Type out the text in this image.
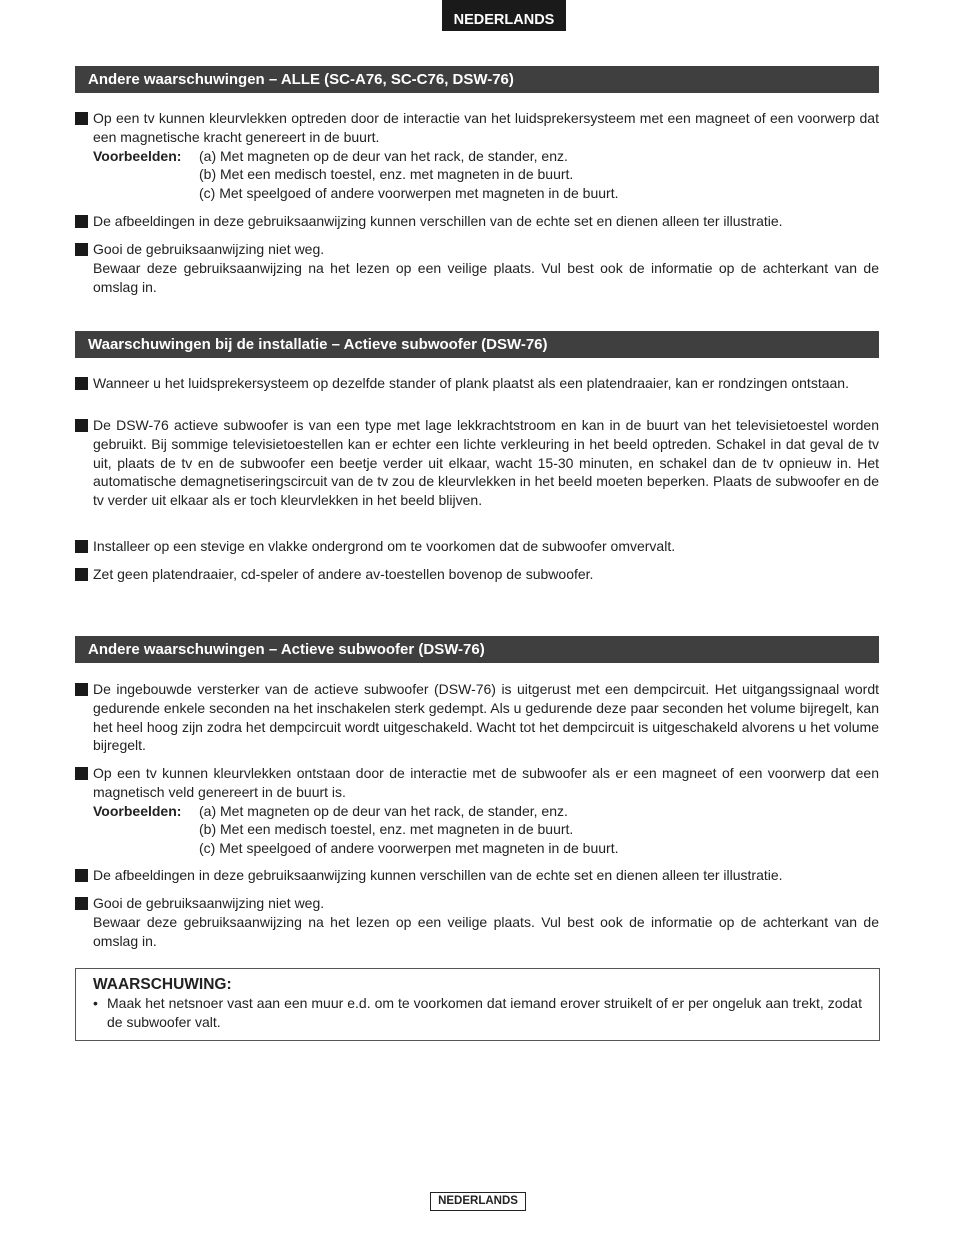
NEDERLANDS
Andere waarschuwingen – ALLE (SC-A76, SC-C76, DSW-76)
Op een tv kunnen kleurvlekken optreden door de interactie van het luidsprekersysteem met een magneet of een voorwerp dat een magnetische kracht genereert in de buurt.
Voorbeelden:	(a) Met magneten op de deur van het rack, de stander, enz.
(b) Met een medisch toestel, enz. met magneten in de buurt.
(c) Met speelgoed of andere voorwerpen met magneten in de buurt.
De afbeeldingen in deze gebruiksaanwijzing kunnen verschillen van de echte set en dienen alleen ter illustratie.
Gooi de gebruiksaanwijzing niet weg.
Bewaar deze gebruiksaanwijzing na het lezen op een veilige plaats. Vul best ook de informatie op de achterkant van de omslag in.
Waarschuwingen bij de installatie – Actieve subwoofer (DSW-76)
Wanneer u het luidsprekersysteem op dezelfde stander of plank plaatst als een platendraaier, kan er rondzingen ontstaan.
De DSW-76 actieve subwoofer is van een type met lage lekkrachtstroom en kan in de buurt van het televisietoestel worden gebruikt. Bij sommige televisietoestellen kan er echter een lichte verkleuring in het beeld optreden. Schakel in dat geval de tv uit, plaats de tv en de subwoofer een beetje verder uit elkaar, wacht 15-30 minuten, en schakel dan de tv opnieuw in. Het automatische demagnetiseringscircuit van de tv zou de kleurvlekken in het beeld moeten beperken. Plaats de subwoofer en de tv verder uit elkaar als er toch kleurvlekken in het beeld blijven.
Installeer op een stevige en vlakke ondergrond om te voorkomen dat de subwoofer omvervalt.
Zet geen platendraaier, cd-speler of andere av-toestellen bovenop de subwoofer.
Andere waarschuwingen – Actieve subwoofer (DSW-76)
De ingebouwde versterker van de actieve subwoofer (DSW-76) is uitgerust met een dempcircuit. Het uitgangssignaal wordt gedurende enkele seconden na het inschakelen sterk gedempt. Als u gedurende deze paar seconden het volume bijregelt, kan het heel hoog zijn zodra het dempcircuit wordt uitgeschakeld. Wacht tot het dempcircuit is uitgeschakeld alvorens u het volume bijregelt.
Op een tv kunnen kleurvlekken ontstaan door de interactie met de subwoofer als er een magneet of een voorwerp dat een magnetisch veld genereert in de buurt is.
Voorbeelden:	(a) Met magneten op de deur van het rack, de stander, enz.
(b) Met een medisch toestel, enz. met magneten in de buurt.
(c) Met speelgoed of andere voorwerpen met magneten in de buurt.
De afbeeldingen in deze gebruiksaanwijzing kunnen verschillen van de echte set en dienen alleen ter illustratie.
Gooi de gebruiksaanwijzing niet weg.
Bewaar deze gebruiksaanwijzing na het lezen op een veilige plaats. Vul best ook de informatie op de achterkant van de omslag in.
WAARSCHUWING:
• Maak het netsnoer vast aan een muur e.d. om te voorkomen dat iemand erover struikelt of er per ongeluk aan trekt, zodat de subwoofer valt.
NEDERLANDS
